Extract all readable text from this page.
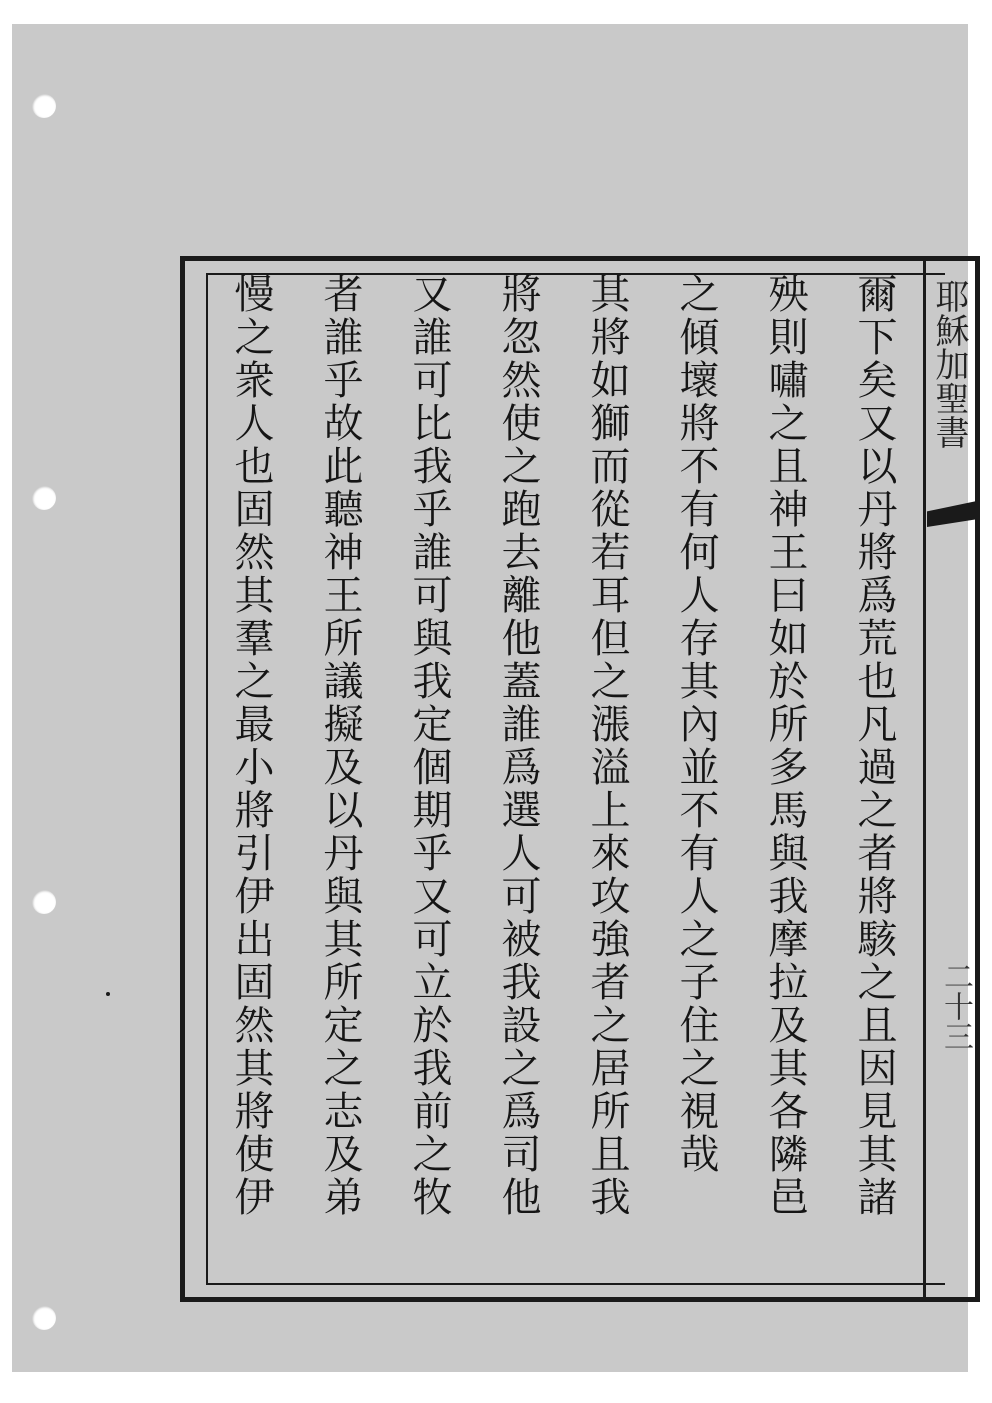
耶穌加聖書
二十三
爾下矣又以丹將爲荒也凡過之者將駭之且因見其諸
殃則嘯之且神王曰如於所多馬與我摩拉及其各隣邑
之傾壞將不有何人存其內並不有人之子住之視哉
其將如獅而從若耳但之漲溢上來攻強者之居所且我
將忽然使之跑去離他蓋誰爲選人可被我設之爲司他
又誰可比我乎誰可與我定個期乎又可立於我前之牧
者誰乎故此聽神王所議擬及以丹與其所定之志及弟
慢之衆人也固然其羣之最小將引伊出固然其將使伊
